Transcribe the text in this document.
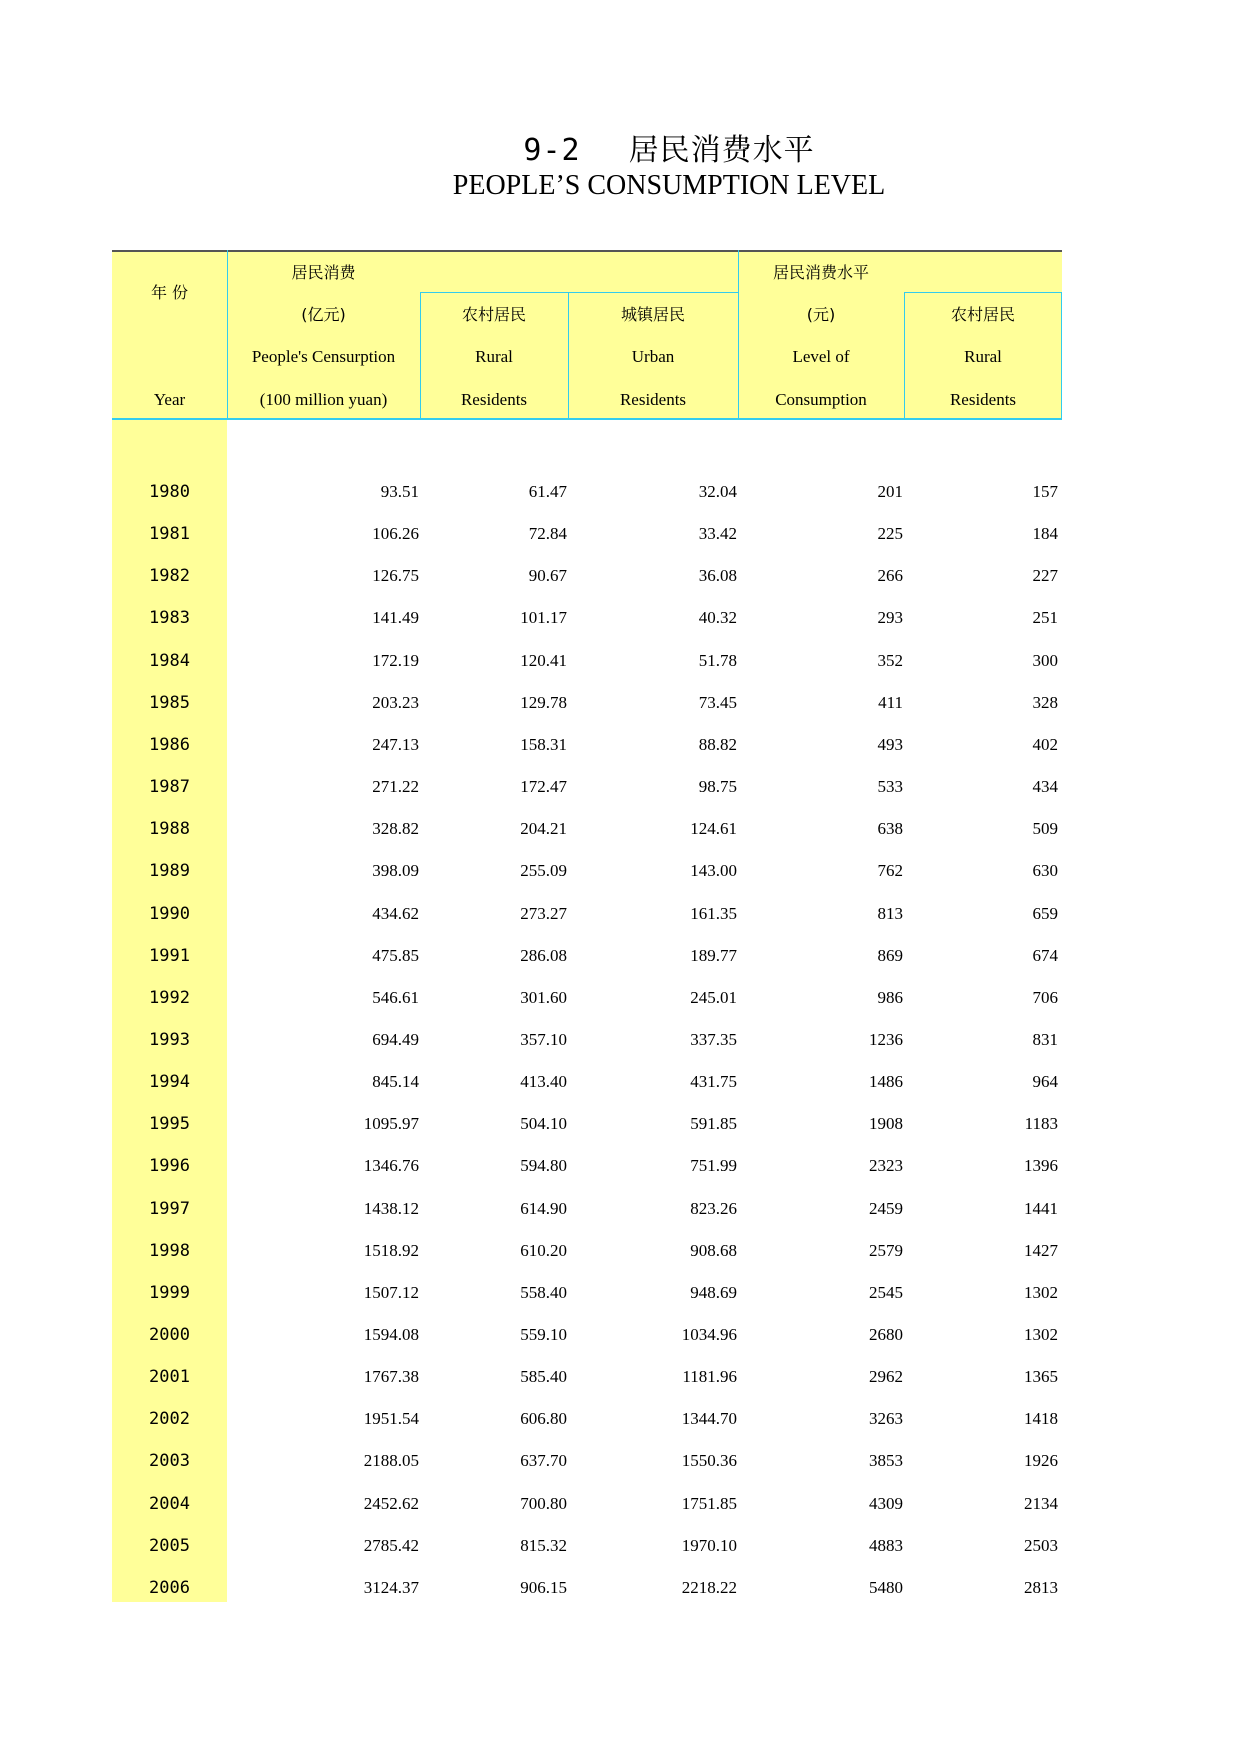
9-2 居民消费水平
PEOPLE’S CONSUMPTION LEVEL
年 份
Year
居民消费
(亿元)
People's Censurption
(100 million yuan)
农村居民
Rural
Residents
城镇居民
Urban
Residents
居民消费水平
(元)
Level of
Consumption
农村居民
Rural
Residents
1980	93.51	61.47	32.04	201	157
1981	106.26	72.84	33.42	225	184
1982	126.75	90.67	36.08	266	227
1983	141.49	101.17	40.32	293	251
1984	172.19	120.41	51.78	352	300
1985	203.23	129.78	73.45	411	328
1986	247.13	158.31	88.82	493	402
1987	271.22	172.47	98.75	533	434
1988	328.82	204.21	124.61	638	509
1989	398.09	255.09	143.00	762	630
1990	434.62	273.27	161.35	813	659
1991	475.85	286.08	189.77	869	674
1992	546.61	301.60	245.01	986	706
1993	694.49	357.10	337.35	1236	831
1994	845.14	413.40	431.75	1486	964
1995	1095.97	504.10	591.85	1908	1183
1996	1346.76	594.80	751.99	2323	1396
1997	1438.12	614.90	823.26	2459	1441
1998	1518.92	610.20	908.68	2579	1427
1999	1507.12	558.40	948.69	2545	1302
2000	1594.08	559.10	1034.96	2680	1302
2001	1767.38	585.40	1181.96	2962	1365
2002	1951.54	606.80	1344.70	3263	1418
2003	2188.05	637.70	1550.36	3853	1926
2004	2452.62	700.80	1751.85	4309	2134
2005	2785.42	815.32	1970.10	4883	2503
2006	3124.37	906.15	2218.22	5480	2813
